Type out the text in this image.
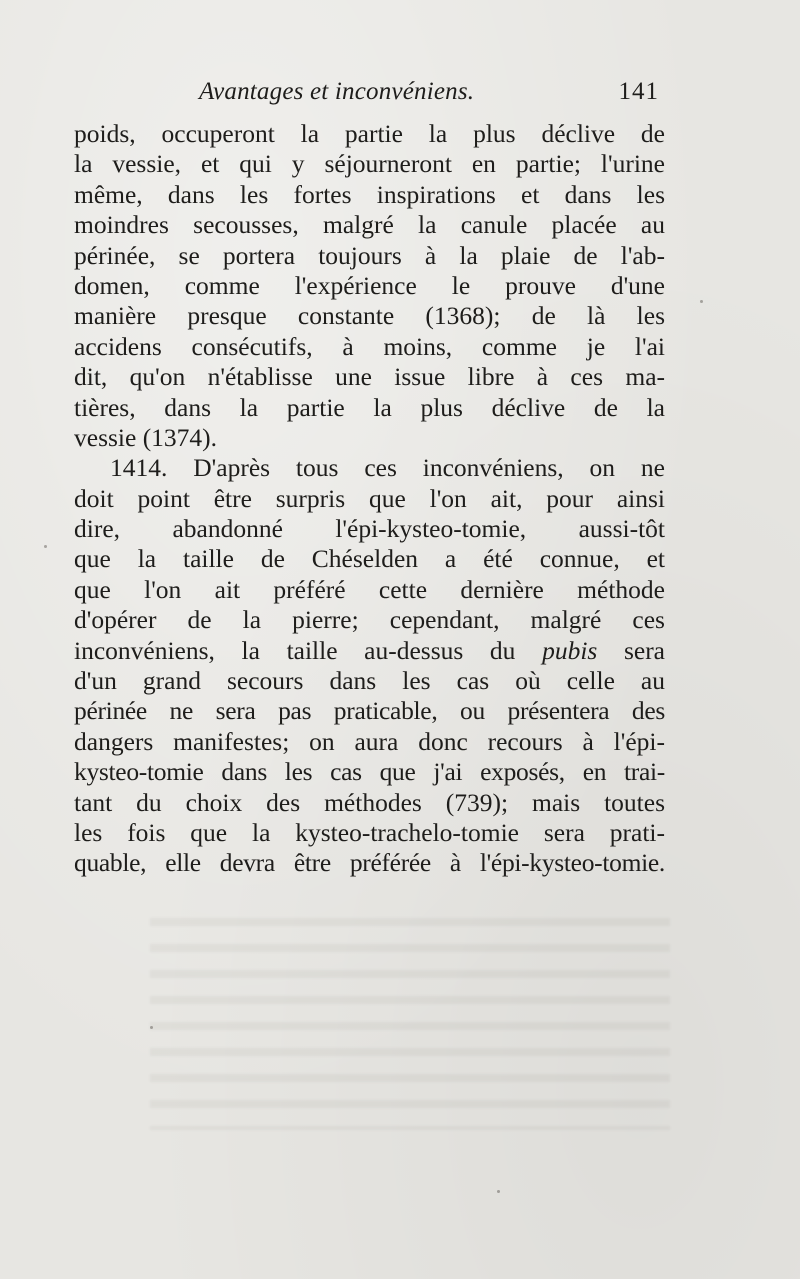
Avantages et inconvéniens.	141
poids, occuperont la partie la plus déclive de
la vessie, et qui y séjourneront en partie; l'urine
même, dans les fortes inspirations et dans les
moindres secousses, malgré la canule placée au
périnée, se portera toujours à la plaie de l'ab-
domen, comme l'expérience le prouve d'une
manière presque constante (1368); de là les
accidens consécutifs, à moins, comme je l'ai
dit, qu'on n'établisse une issue libre à ces ma-
tières, dans la partie la plus déclive de la
vessie (1374).
1414. D'après tous ces inconvéniens, on ne
doit point être surpris que l'on ait, pour ainsi
dire, abandonné l'épi-kysteo-tomie, aussi-tôt
que la taille de Chéselden a été connue, et
que l'on ait préféré cette dernière méthode
d'opérer de la pierre; cependant, malgré ces
inconvéniens, la taille au-dessus du pubis sera
d'un grand secours dans les cas où celle au
périnée ne sera pas praticable, ou présentera des
dangers manifestes; on aura donc recours à l'épi-
kysteo-tomie dans les cas que j'ai exposés, en trai-
tant du choix des méthodes (739); mais toutes
les fois que la kysteo-trachelo-tomie sera prati-
quable, elle devra être préférée à l'épi-kysteo-tomie.
